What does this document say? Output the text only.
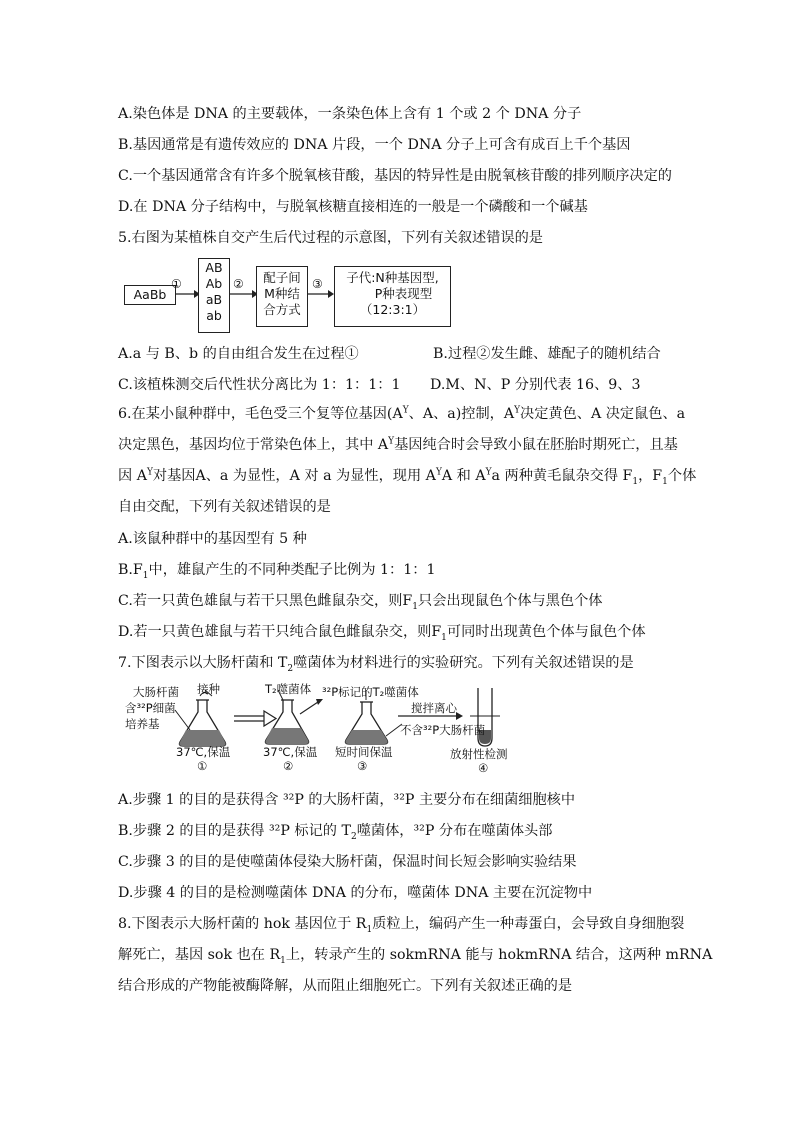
A.染色体是 DNA 的主要载体，一条染色体上含有 1 个或 2 个 DNA 分子
B.基因通常是有遗传效应的 DNA 片段，一个 DNA 分子上可含有成百上千个基因
C.一个基因通常含有许多个脱氧核苷酸，基因的特异性是由脱氧核苷酸的排列顺序决定的
D.在 DNA 分子结构中，与脱氧核糖直接相连的一般是一个磷酸和一个碱基
5.右图为某植株自交产生后代过程的示意图，下列有关叙述错误的是
AaBb
①
AB
Ab
aB
ab
②	配子间
M种结
合方式
③	子代:N种基因型,
P种表现型
（12:3:1）
A.a 与 B、b 的自由组合发生在过程①	B.过程②发生雌、雄配子的随机结合
C.该植株测交后代性状分离比为 1：1：1：1 D.M、N、P 分别代表 16、9、3
6.在某小鼠种群中，毛色受三个复等位基因($A^Y$、A、a)控制，$A^Y$决定黄色、A 决定鼠色、a
决定黑色，基因均位于常染色体上，其中 $A^Y$基因纯合时会导致小鼠在胚胎时期死亡，且基
因 $A^Y$对基因A、a 为显性，A 对 a 为显性，现用 $A^YA$ 和 $A^Ya$ 两种黄毛鼠杂交得 $F_1$，$F_1$个体
自由交配，下列有关叙述错误的是
A.该鼠种群中的基因型有 5 种
$B.F_1$中，雄鼠产生的不同种类配子比例为 1：1：1
C.若一只黄色雄鼠与若干只黑色雌鼠杂交，则$F_1$只会出现鼠色个体与黑色个体
D.若一只黄色雄鼠与若干只纯合鼠色雌鼠杂交，则$F_1$可同时出现黄色个体与鼠色个体
7.下图表示以大肠杆菌和 $T_2$噬菌体为材料进行的实验研究。下列有关叙述错误的是
大肠杆菌 接种
含³²P细菌
培养基
37℃,保温
①
T₂噬菌体 ³²P标记的T₂噬菌体
37℃,保温
②
短时间保温
③
搅拌离心
不含³²P大肠杆菌
放射性检测
④
A.步骤 1 的目的是获得含 ³²P 的大肠杆菌，³²P 主要分布在细菌细胞核中
B.步骤 2 的目的是获得 ³²P 标记的 $T_2$噬菌体，³²P 分布在噬菌体头部
C.步骤 3 的目的是使噬菌体侵染大肠杆菌，保温时间长短会影响实验结果
D.步骤 4 的目的是检测噬菌体 DNA 的分布，噬菌体 DNA 主要在沉淀物中
8.下图表示大肠杆菌的 hok 基因位于 $R_1$质粒上，编码产生一种毒蛋白，会导致自身细胞裂
解死亡，基因 sok 也在 $R_1$上，转录产生的 sokmRNA 能与 hokmRNA 结合，这两种 mRNA
结合形成的产物能被酶降解，从而阻止细胞死亡。下列有关叙述正确的是
